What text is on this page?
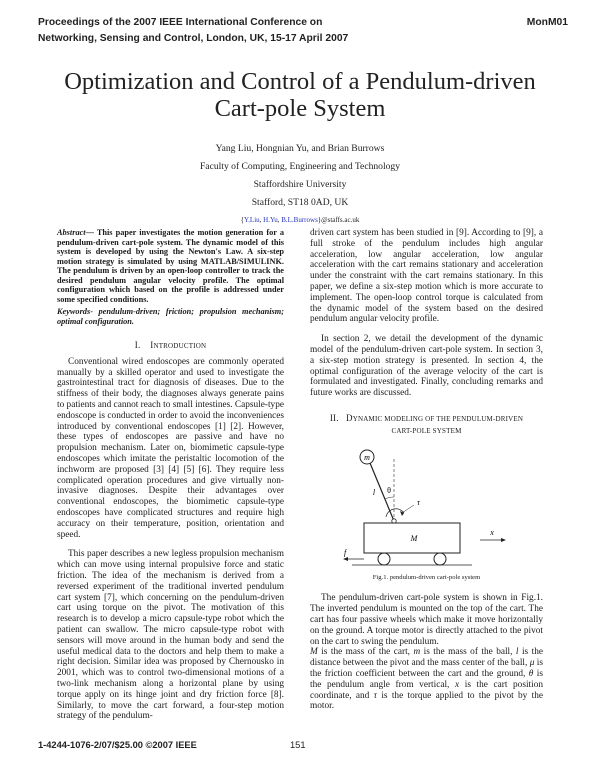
Proceedings of the 2007 IEEE International Conference on
Networking, Sensing and Control, London, UK, 15-17 April 2007
MonM01
Optimization and Control of a Pendulum-driven
Cart-pole System
Yang Liu, Hongnian Yu, and Brian Burrows
Faculty of Computing, Engineering and Technology
Staffordshire University
Stafford, ST18 0AD, UK
{Y.Liu, H.Yu, B.L.Burrows}@staffs.ac.uk

Abstract— This paper investigates the motion generation for a pendulum-driven cart-pole system. The dynamic model of this system is developed by using the Newton's Law. A six-step motion strategy is simulated by using MATLAB/SIMULINK. The pendulum is driven by an open-loop controller to track the desired pendulum angular velocity profile. The optimal configuration which based on the profile is addressed under some specified conditions.

Keywords- pendulum-driven; friction; propulsion mechanism; optimal configuration.

I. INTRODUCTION

Conventional wired endoscopes are commonly operated manually by a skilled operator and used to investigate the gastrointestinal tract for diagnosis of diseases. Due to the stiffness of their body, the diagnoses always generate pains to patients and cannot reach to small intestines. Capsule-type endoscope is conducted in order to avoid the inconveniences introduced by conventional endoscopes [1] [2]. However, these types of endoscopes are passive and have no propulsion mechanism. Later on, biomimetic capsule-type endoscopes which imitate the peristaltic locomotion of the inchworm are proposed [3] [4] [5] [6]. They require less complicated operation procedures and give virtually non-invasive diagnoses. Despite their advantages over conventional endoscopes, the biomimetic capsule-type endoscopes have complicated structures and require high accuracy on their temperature, position, orientation and speed.

This paper describes a new legless propulsion mechanism which can move using internal propulsive force and static friction. The idea of the mechanism is derived from a reversed experiment of the traditional inverted pendulum cart system [7], which concerning on the pendulum-driven cart using torque on the pivot. The motivation of this research is to develop a micro capsule-type robot which the patient can swallow. The micro capsule-type robot with sensors will move around in the human body and send the useful medical data to the doctors and help them to make a right decision. Similar idea was proposed by Chernousko in 2001, which was to control two-dimensional motions of a two-link mechanism along a horizontal plane by using torque apply on its hinge joint and dry friction force [8]. Similarly, to move the cart forward, a four-step motion strategy of the pendulum-

driven cart system has been studied in [9]. According to [9], a full stroke of the pendulum includes high angular acceleration, low angular acceleration, low angular acceleration with the cart remains stationary and acceleration under the constraint with the cart remains stationary. In this paper, we define a six-step motion which is more accurate to implement. The open-loop control torque is calculated from the dynamic model of the system based on the desired pendulum angular velocity profile.

In section 2, we detail the development of the dynamic model of the pendulum-driven cart-pole system. In section 3, a six-step motion strategy is presented. In section 4, the optimal configuration of the average velocity of the cart is formulated and investigated. Finally, concluding remarks and future works are discussed.

II. DYNAMIC MODELING OF THE PENDULUM-DRIVEN
CART-POLE SYSTEM

m
θ
l
τ
M
x
f

Fig.1. pendulum-driven cart-pole system

The pendulum-driven cart-pole system is shown in Fig.1. The inverted pendulum is mounted on the top of the cart. The cart has four passive wheels which make it move horizontally on the ground. A torque motor is directly attached to the pivot on the cart to swing the pendulum.

M is the mass of the cart, m is the mass of the ball, l is the distance between the pivot and the mass center of the ball, μ is the friction coefficient between the cart and the ground, θ is the pendulum angle from vertical, x is the cart position coordinate, and τ is the torque applied to the pivot by the motor.

1-4244-1076-2/07/$25.00 ©2007 IEEE	151
